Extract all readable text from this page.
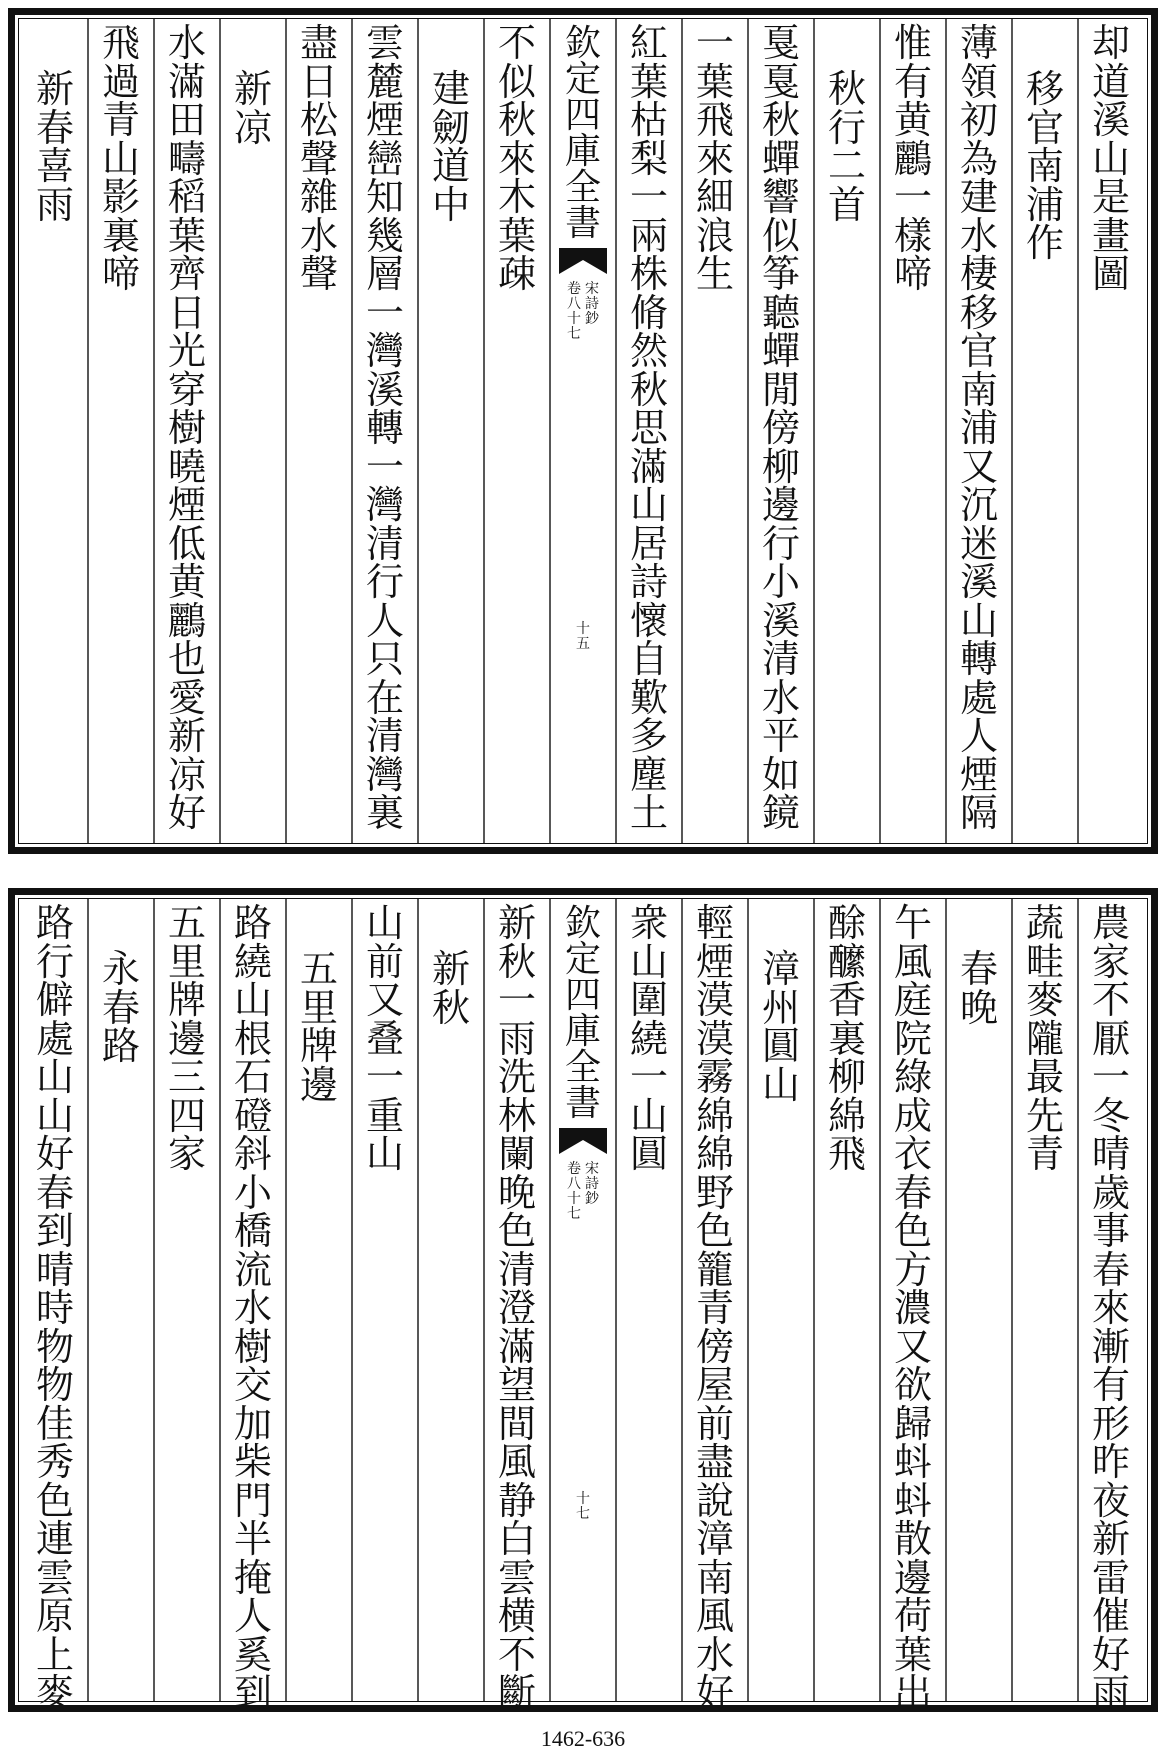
却
道
溪
山
是
畫
圖
移
官
南
浦
作
薄
領
初
為
建
水
棲
移
官
南
浦
又
沉
迷
溪
山
轉
處
人
煙
隔
惟
有
黄
鸝
一
樣
啼
秋
行
二
首
戛
戛
秋
蟬
響
似
筝
聽
蟬
閒
傍
柳
邊
行
小
溪
清
水
平
如
鏡
一
葉
飛
來
細
浪
生
紅
葉
枯
梨
一
兩
株
脩
然
秋
思
滿
山
居
詩
懷
自
歎
多
塵
土
欽
定
四
庫
全
書
宋
詩
鈔
卷
八
十
七
十
五
不
似
秋
來
木
葉
疎
建
劒
道
中
雲
麓
煙
巒
知
幾
層
一
灣
溪
轉
一
灣
清
行
人
只
在
清
灣
裏
盡
日
松
聲
雜
水
聲
新
凉
水
滿
田
疇
稻
葉
齊
日
光
穿
樹
曉
煙
低
黄
鸝
也
愛
新
凉
好
飛
過
青
山
影
裏
啼
新
春
喜
雨
農
家
不
厭
一
冬
晴
歲
事
春
來
漸
有
形
昨
夜
新
雷
催
好
雨
蔬
畦
麥
隴
最
先
青
春
晚
午
風
庭
院
綠
成
衣
春
色
方
濃
又
欲
歸
蚪
蚪
散
邊
荷
葉
出
酴
醿
香
裏
柳
綿
飛
漳
州
圓
山
輕
煙
漠
漠
霧
綿
綿
野
色
籠
青
傍
屋
前
盡
說
漳
南
風
水
好
衆
山
圍
繞
一
山
圓
欽
定
四
庫
全
書
宋
詩
鈔
卷
八
十
七
十
七
新
秋
一
雨
洗
林
闌
晚
色
清
澄
滿
望
間
風
静
白
雲
横
不
斷
新
秋
山
前
又
叠
一
重
山
五
里
牌
邊
路
繞
山
根
石
磴
斜
小
橋
流
水
樹
交
加
柴
門
半
掩
人
奚
到
五
里
牌
邊
三
四
家
永
春
路
路
行
僻
處
山
山
好
春
到
晴
時
物
物
佳
秀
色
連
雲
原
上
麥
1462-636
